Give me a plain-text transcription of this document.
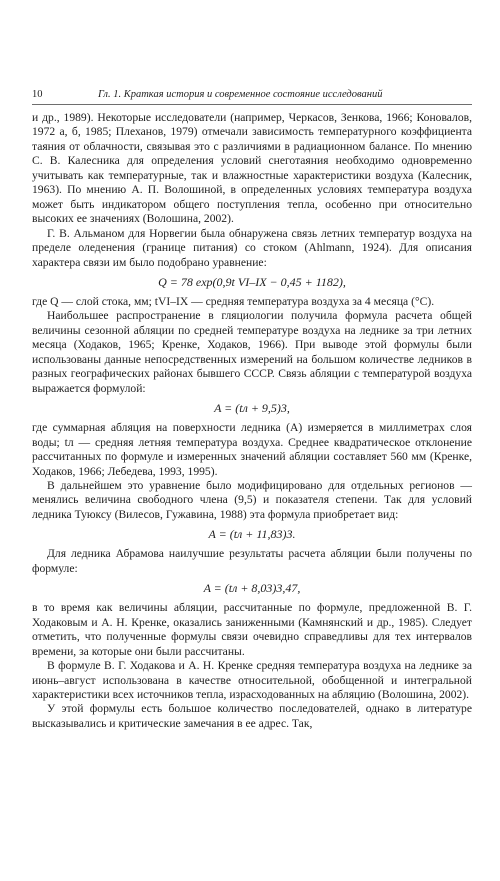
10	Гл. 1. Краткая история и современное состояние исследований

и др., 1989). Некоторые исследователи (например, Черкасов, Зенкова, 1966; Коновалов, 1972 а, б, 1985; Плеханов, 1979) отмечали зависимость температурного коэффициента таяния от облачности, связывая это с различиями в радиационном балансе. По мнению С. В. Калесника для определения условий снеготаяния необходимо одновременно учитывать как температурные, так и влажностные характеристики воздуха (Калесник, 1963). По мнению А. П. Волошиной, в определенных условиях температура воздуха может быть индикатором общего поступления тепла, особенно при относительно высоких ее значениях (Волошина, 2002).

Г. В. Альманом для Норвегии была обнаружена связь летних температур воздуха на пределе оледенения (границе питания) со стоком (Ahlmann, 1924). Для описания характера связи им было подобрано уравнение:

Q = 78 exp(0,9t VI–IX − 0,45 + 1182),

где Q — слой стока, мм; tVI–IX — средняя температура воздуха за 4 месяца (°C).

Наибольшее распространение в гляциологии получила формула расчета общей величины сезонной абляции по средней температуре воздуха на леднике за три летних месяца (Ходаков, 1965; Кренке, Ходаков, 1966). При выводе этой формулы были использованы данные непосредственных измерений на большом количестве ледников в разных географических районах бывшего СССР. Связь абляции с температурой воздуха выражается формулой:

A = (tл + 9,5)3,

где суммарная абляция на поверхности ледника (A) измеряется в миллиметрах слоя воды; tл — средняя летняя температура воздуха. Среднее квадратическое отклонение рассчитанных по формуле и измеренных значений абляции составляет 560 мм (Кренке, Ходаков, 1966; Лебедева, 1993, 1995).

В дальнейшем это уравнение было модифицировано для отдельных регионов — менялись величина свободного члена (9,5) и показателя степени. Так для условий ледника Туюксу (Вилесов, Гужавина, 1988) эта формула приобретает вид:

A = (tл + 11,83)3.

Для ледника Абрамова наилучшие результаты расчета абляции были получены по формуле:

A = (tл + 8,03)3,47,

в то время как величины абляции, рассчитанные по формуле, предложенной В. Г. Ходаковым и А. Н. Кренке, оказались заниженными (Камнянский и др., 1985). Следует отметить, что полученные формулы связи очевидно справедливы для тех интервалов времени, за которые они были рассчитаны.

В формуле В. Г. Ходакова и А. Н. Кренке средняя температура воздуха на леднике за июнь–август использована в качестве относительной, обобщенной и интегральной характеристики всех источников тепла, израсходованных на абляцию (Волошина, 2002).

У этой формулы есть большое количество последователей, однако в литературе высказывались и критические замечания в ее адрес. Так,
